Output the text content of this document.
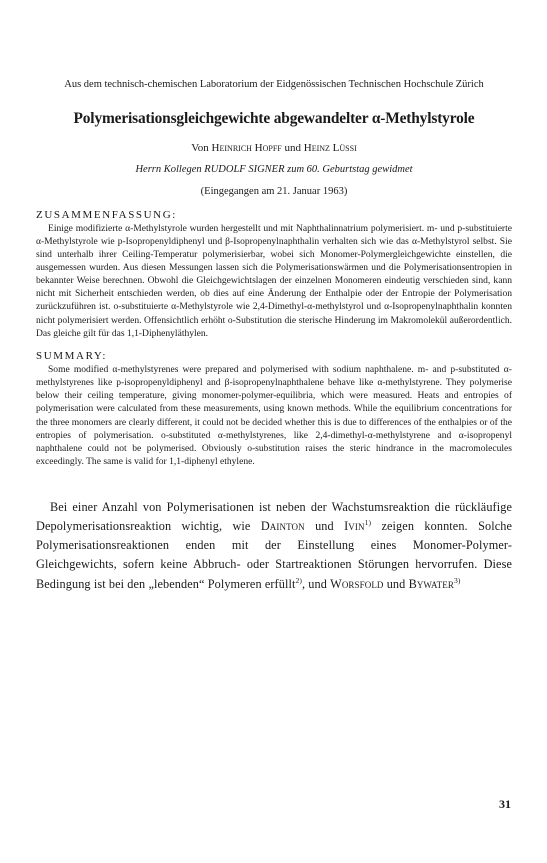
Aus dem technisch-chemischen Laboratorium der Eidgenössischen Technischen Hochschule Zürich

Polymerisationsgleichgewichte abgewandelter α-Methylstyrole

Von Heinrich Hopff und Heinz Lüssi

Herrn Kollegen RUDOLF SIGNER zum 60. Geburtstag gewidmet

(Eingegangen am 21. Januar 1963)

ZUSAMMENFASSUNG:

Einige modifizierte α-Methylstyrole wurden hergestellt und mit Naphthalinnatrium polymerisiert. m- und p-substituierte α-Methylstyrole wie p-Isopropenyldiphenyl und β-Isopropenylnaphthalin verhalten sich wie das α-Methylstyrol selbst. Sie sind unterhalb ihrer Ceiling-Temperatur polymerisierbar, wobei sich Monomer-Polymergleichgewichte einstellen, die ausgemessen wurden. Aus diesen Messungen lassen sich die Polymerisationswärmen und die Polymerisationsentropien in bekannter Weise berechnen. Obwohl die Gleichgewichtslagen der einzelnen Monomeren eindeutig verschieden sind, kann nicht mit Sicherheit entschieden werden, ob dies auf eine Änderung der Enthalpie oder der Entropie der Polymerisation zurückzuführen ist. o-substituierte α-Methylstyrole wie 2,4-Dimethyl-α-methylstyrol und α-Isopropenylnaphthalin konnten nicht polymerisiert werden. Offensichtlich erhöht o-Substitution die sterische Hinderung im Makromolekül außerordentlich. Das gleiche gilt für das 1,1-Diphenyläthylen.

SUMMARY:

Some modified α-methylstyrenes were prepared and polymerised with sodium naphthalene. m- and p-substituted α-methylstyrenes like p-isopropenyldiphenyl and β-isopropenylnaphthalene behave like α-methylstyrene. They polymerise below their ceiling temperature, giving monomer-polymer-equilibria, which were measured. Heats and entropies of polymerisation were calculated from these measurements, using known methods. While the equilibrium concentrations for the three monomers are clearly different, it could not be decided whether this is due to differences of the enthalpies or of the entropies of polymerisation. o-substituted α-methylstyrenes, like 2,4-dimethyl-α-methylstyrene and α-isopropenyl naphthalene could not be polymerised. Obviously o-substitution raises the steric hindrance in the macromolecules exceedingly. The same is valid for 1,1-diphenyl ethylene.

Bei einer Anzahl von Polymerisationen ist neben der Wachstumsreaktion die rückläufige Depolymerisationsreaktion wichtig, wie Dainton und Ivin$^{1)}$ zeigen konnten. Solche Polymerisationsreaktionen enden mit der Einstellung eines Monomer-Polymer-Gleichgewichts, sofern keine Abbruch- oder Startreaktionen Störungen hervorrufen. Diese Bedingung ist bei den „lebenden“ Polymeren erfüllt$^{2)}$, und Worsfold und Bywater$^{3)}$

31
